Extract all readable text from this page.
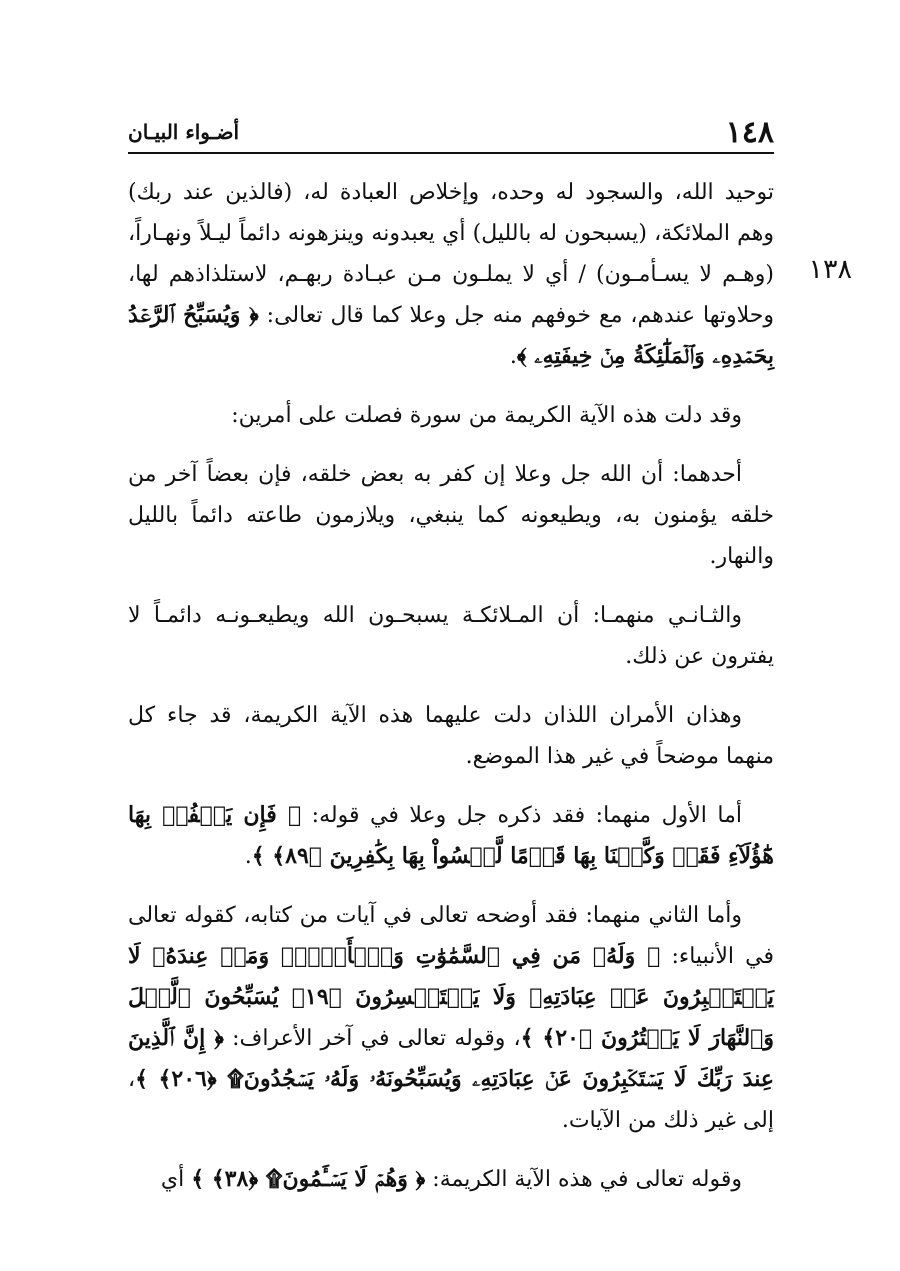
أضـواء البيـان	١٤٨
١٣٨

توحيد الله، والسجود له وحده، وإخلاص العبادة له، (فالذين عند ربك) وهم الملائكة، (يسبحون له بالليل) أي يعبدونه وينزهونه دائماً ليـلاً ونهـاراً، (وهـم لا يسـأمـون) / أي لا يملـون مـن عبـادة ربهـم، لاستلذاذهم لها، وحلاوتها عندهم، مع خوفهم منه جل وعلا كما قال تعالى: ﴿ وَيُسَبِّحُ ٱلرَّعۡدُ بِحَمۡدِهِۦ وَٱلۡمَلَٰٓئِكَةُ مِنۡ خِيفَتِهِۦ ﴾.

وقد دلت هذه الآية الكريمة من سورة فصلت على أمرين:

أحدهما: أن الله جل وعلا إن كفر به بعض خلقه، فإن بعضاً آخر من خلقه يؤمنون به، ويطيعونه كما ينبغي، ويلازمون طاعته دائماً بالليل والنهار.

والثـانـي منهمـا: أن المـلائكـة يسبحـون الله ويطيعـونـه دائمـاً لا يفترون عن ذلك.

وهذان الأمران اللذان دلت عليهما هذه الآية الكريمة، قد جاء كل منهما موضحاً في غير هذا الموضع.

أما الأول منهما: فقد ذكره جل وعلا في قوله: ﴿ فَإِن يَكۡفُرۡ بِهَا هَٰٓؤُلَآءِ فَقَدۡ وَكَّلۡنَا بِهَا قَوۡمًا لَّيۡسُواْ بِهَا بِكَٰفِرِينَ ﴿٨٩﴾ ﴾.

وأما الثاني منهما: فقد أوضحه تعالى في آيات من كتابه، كقوله تعالى في الأنبياء: ﴿ وَلَهُۥ مَن فِي ٱلسَّمَٰوَٰتِ وَٱلۡأَرۡضِۚ وَمَنۡ عِندَهُۥ لَا يَسۡتَكۡبِرُونَ عَنۡ عِبَادَتِهِۦ وَلَا يَسۡتَحۡسِرُونَ ﴿١٩﴾ يُسَبِّحُونَ ٱلَّيۡلَ وَٱلنَّهَارَ لَا يَفۡتُرُونَ ﴿٢٠﴾ ﴾، وقوله تعالى في آخر الأعراف: ﴿ إِنَّ ٱلَّذِينَ عِندَ رَبِّكَ لَا يَسۡتَكۡبِرُونَ عَنۡ عِبَادَتِهِۦ وَيُسَبِّحُونَهُۥ وَلَهُۥ يَسۡجُدُونَ۩ ﴿٢٠٦﴾ ﴾، إلى غير ذلك من الآيات.

وقوله تعالى في هذه الآية الكريمة: ﴿ وَهُمۡ لَا يَسۡـَٔمُونَ۩ ﴿٣٨﴾ ﴾ أي
